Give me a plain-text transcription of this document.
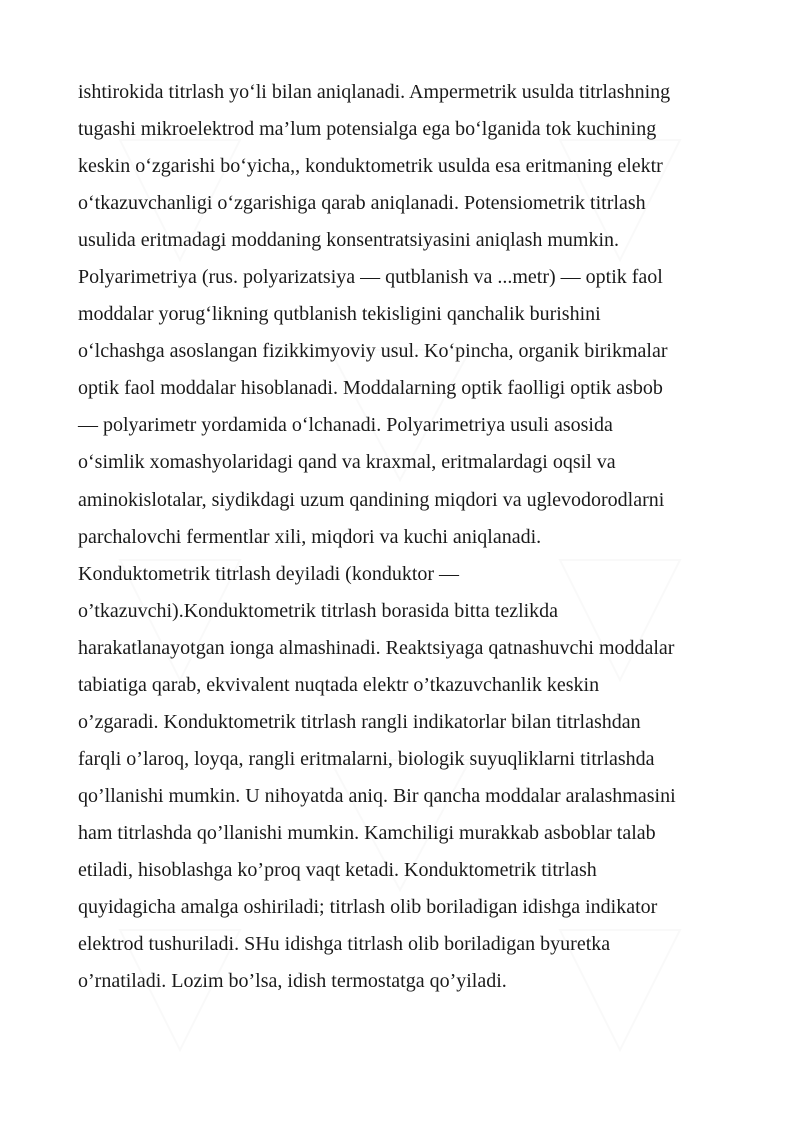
ishtirokida titrlash yo‘li bilan aniqlanadi. Ampermetrik usulda titrlashning
tugashi mikroelektrod ma’lum potensialga ega bo‘lganida tok kuchining
keskin o‘zgarishi bo‘yicha,, konduktometrik usulda esa eritmaning elektr
o‘tkazuvchanligi o‘zgarishiga qarab aniqlanadi. Potensiometrik titrlash
usulida eritmadagi moddaning konsentratsiyasini aniqlash mumkin.
Polyarimetriya (rus. polyarizatsiya — qutblanish va ...metr) — optik faol
moddalar yorug‘likning qutblanish tekisligini qanchalik burishini
o‘lchashga asoslangan fizikkimyoviy usul. Ko‘pincha, organik birikmalar
optik faol moddalar hisoblanadi. Moddalarning optik faolligi optik asbob
— polyarimetr yordamida o‘lchanadi. Polyarimetriya usuli asosida
o‘simlik xomashyolaridagi qand va kraxmal, eritmalardagi oqsil va
aminokislotalar, siydikdagi uzum qandining miqdori va uglevodorodlarni
parchalovchi fermentlar xili, miqdori va kuchi aniqlanadi.
Konduktometrik titrlash deyiladi (konduktor —
o’tkazuvchi).Konduktometrik titrlash borasida bitta tezlikda
harakatlanayotgan ionga almashinadi. Reaktsiyaga qatnashuvchi moddalar
tabiatiga qarab, ekvivalent nuqtada elektr o’tkazuvchanlik keskin
o’zgaradi. Konduktometrik titrlash rangli indikatorlar bilan titrlashdan
farqli o’laroq, loyqa, rangli eritmalarni, biologik suyuqliklarni titrlashda
qo’llanishi mumkin. U nihoyatda aniq. Bir qancha moddalar aralashmasini
ham titrlashda qo’llanishi mumkin. Kamchiligi murakkab asboblar talab
etiladi, hisoblashga ko’proq vaqt ketadi. Konduktometrik titrlash
quyidagicha amalga oshiriladi; titrlash olib boriladigan idishga indikator
elektrod tushuriladi. SHu idishga titrlash olib boriladigan byuretka
o’rnatiladi. Lozim bo’lsa, idish termostatga qo’yiladi.
